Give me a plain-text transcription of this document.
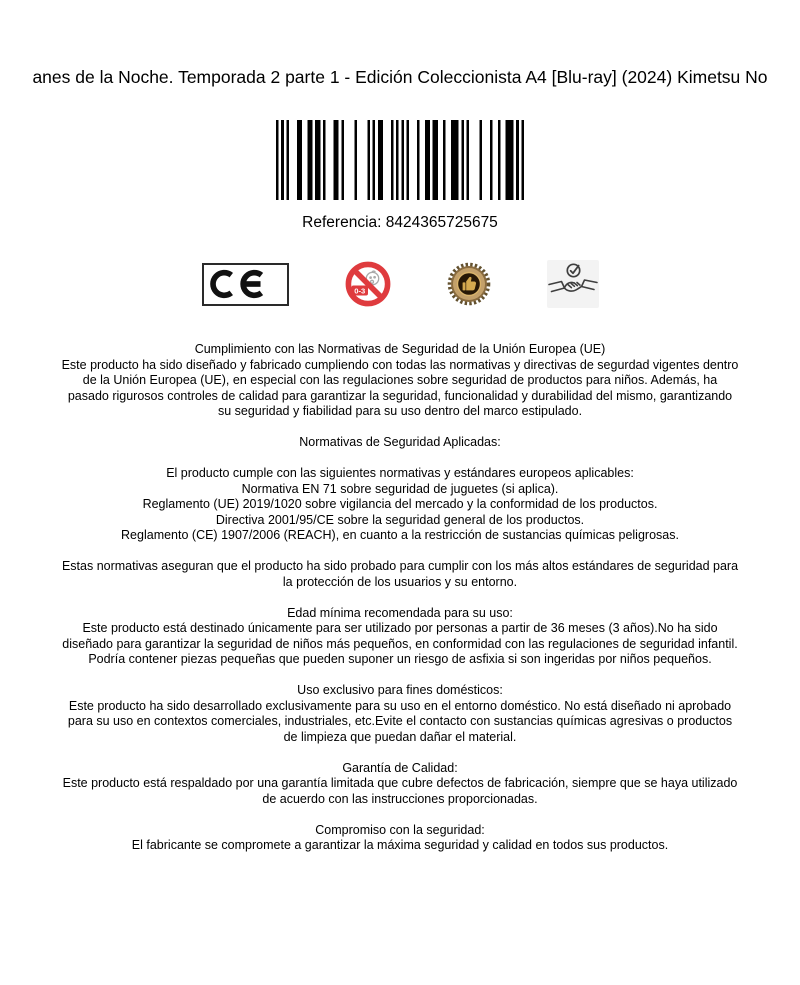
anes de la Noche. Temporada 2 parte 1 - Edición Coleccionista A4 [Blu-ray] (2024) Kimetsu No
Referencia: 8424365725675
0-3
Cumplimiento con las Normativas de Seguridad de la Unión Europea (UE)
Este producto ha sido diseñado y fabricado cumpliendo con todas las normativas y directivas de segurdad vigentes dentro de la Unión Europea (UE), en especial con las regulaciones sobre seguridad de productos para niños. Además, ha pasado rigurosos controles de calidad para garantizar la seguridad, funcionalidad y durabilidad del mismo, garantizando su seguridad y fiabilidad para su uso dentro del marco estipulado.
Normativas de Seguridad Aplicadas:
El producto cumple con las siguientes normativas y estándares europeos aplicables:
Normativa EN 71 sobre seguridad de juguetes (si aplica).
Reglamento (UE) 2019/1020 sobre vigilancia del mercado y la conformidad de los productos.
Directiva 2001/95/CE sobre la seguridad general de los productos.
Reglamento (CE) 1907/2006 (REACH), en cuanto a la restricción de sustancias químicas peligrosas.
Estas normativas aseguran que el producto ha sido probado para cumplir con los más altos estándares de seguridad para la protección de los usuarios y su entorno.
Edad mínima recomendada para su uso:
Este producto está destinado únicamente para ser utilizado por personas a partir de 36 meses (3 años).No ha sido diseñado para garantizar la seguridad de niños más pequeños, en conformidad con las regulaciones de seguridad infantil. Podría contener piezas pequeñas que pueden suponer un riesgo de asfixia si son ingeridas por niños pequeños.
Uso exclusivo para fines domésticos:
Este producto ha sido desarrollado exclusivamente para su uso en el entorno doméstico. No está diseñado ni aprobado para su uso en contextos comerciales, industriales, etc.Evite el contacto con sustancias químicas agresivas o productos de limpieza que puedan dañar el material.
Garantía de Calidad:
Este producto está respaldado por una garantía limitada que cubre defectos de fabricación, siempre que se haya utilizado de acuerdo con las instrucciones proporcionadas.
Compromiso con la seguridad:
El fabricante se compromete a garantizar la máxima seguridad y calidad en todos sus productos.
